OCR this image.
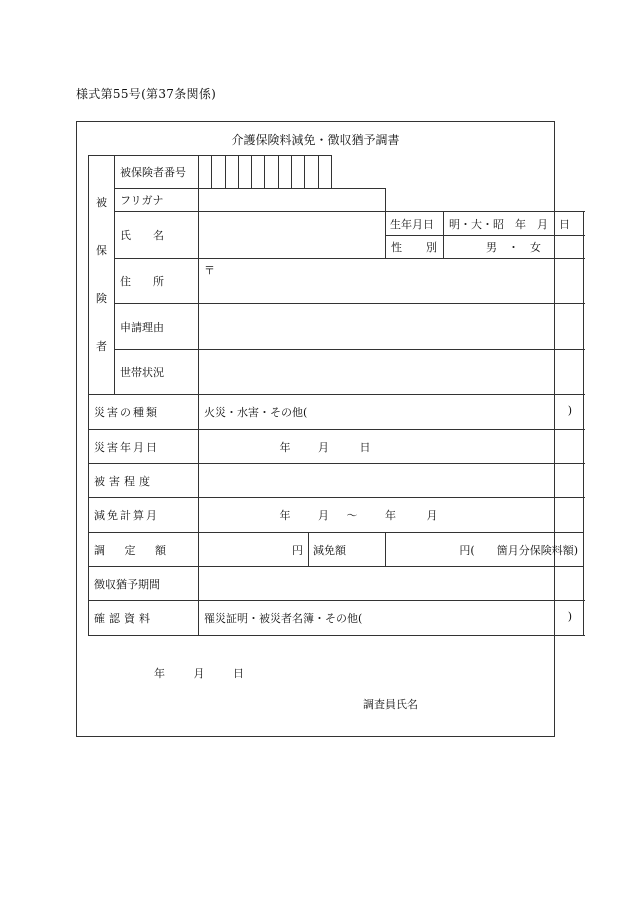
様式第55号(第37条関係)
介護保険料減免・徴収猶予調書
被
保
険
者	被保険者番号				

	フリガナ					

	氏 名				生年月日	明・大・昭　年　月　日

					性 別	男　・　女

	住 所	〒				
	申請理由					
	世帯状況					
災害の種類		火災・水害・その他( )				

災害年月日		年 月 日				
被害程度						
減免計算月		年 月 〜 年 月				

調 定 額		円	減免額		円(　　箇月分保険料額)	
徴収猶予期間						
確認資料		罹災証明・被災者名簿・その他( )				
年	月	日
調査員氏名
